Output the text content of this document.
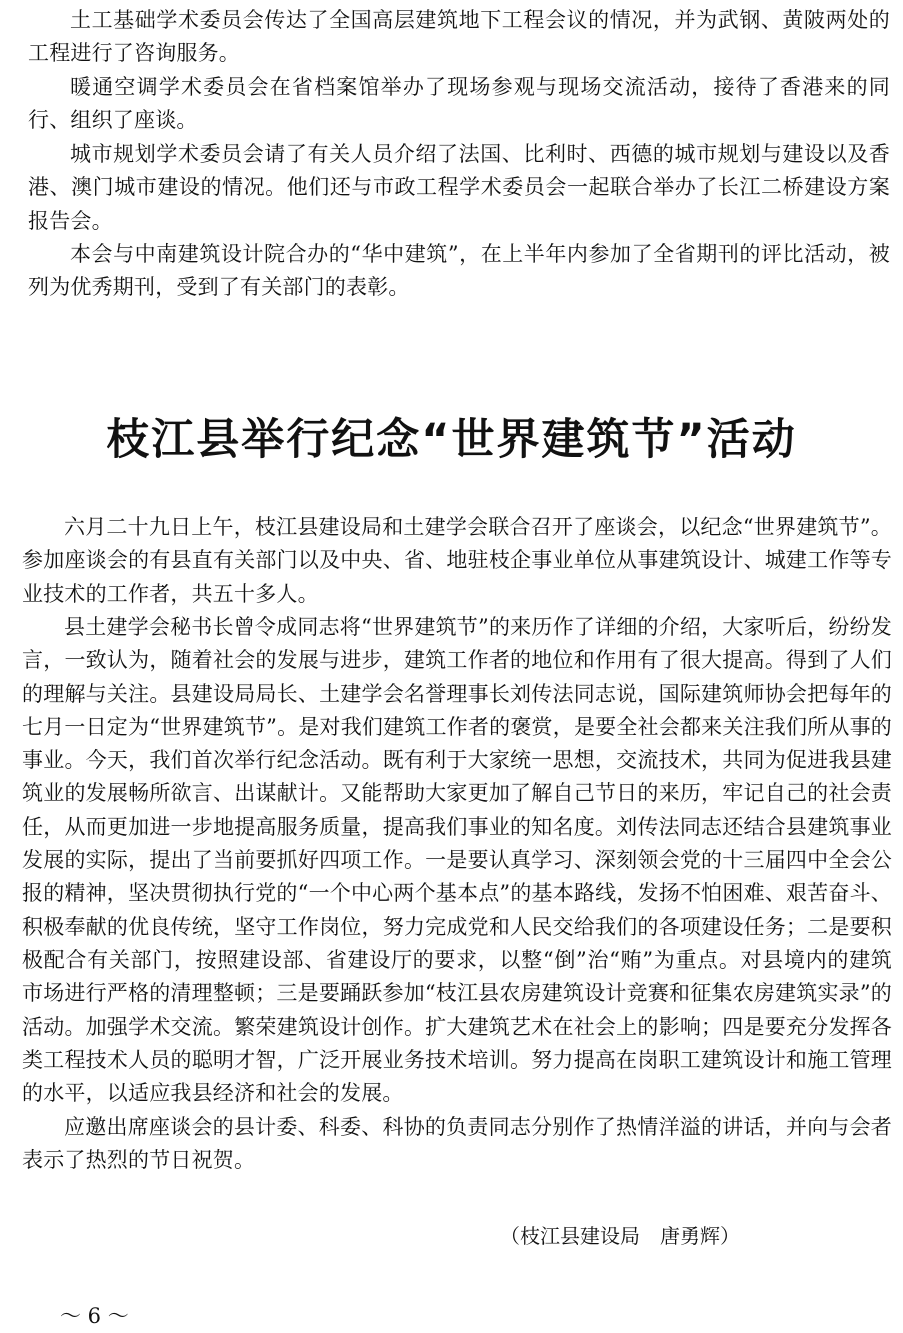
土工基础学术委员会传达了全国高层建筑地下工程会议的情况，并为武钢、黄陂两处的工程进行了咨询服务。

暖通空调学术委员会在省档案馆举办了现场参观与现场交流活动，接待了香港来的同行、组织了座谈。

城市规划学术委员会请了有关人员介绍了法国、比利时、西德的城市规划与建设以及香港、澳门城市建设的情况。他们还与市政工程学术委员会一起联合举办了长江二桥建设方案报告会。

本会与中南建筑设计院合办的“华中建筑”，在上半年内参加了全省期刊的评比活动，被列为优秀期刊，受到了有关部门的表彰。

枝江县举行纪念“世界建筑节”活动

六月二十九日上午，枝江县建设局和土建学会联合召开了座谈会，以纪念“世界建筑节”。参加座谈会的有县直有关部门以及中央、省、地驻枝企事业单位从事建筑设计、城建工作等专业技术的工作者，共五十多人。

县土建学会秘书长曾令成同志将“世界建筑节”的来历作了详细的介绍，大家听后，纷纷发言，一致认为，随着社会的发展与进步，建筑工作者的地位和作用有了很大提高。得到了人们的理解与关注。县建设局局长、土建学会名誉理事长刘传法同志说，国际建筑师协会把每年的七月一日定为“世界建筑节”。是对我们建筑工作者的褒赏，是要全社会都来关注我们所从事的事业。今天，我们首次举行纪念活动。既有利于大家统一思想，交流技术，共同为促进我县建筑业的发展畅所欲言、出谋献计。又能帮助大家更加了解自己节日的来历，牢记自己的社会责任，从而更加进一步地提高服务质量，提高我们事业的知名度。刘传法同志还结合县建筑事业发展的实际，提出了当前要抓好四项工作。一是要认真学习、深刻领会党的十三届四中全会公报的精神，坚决贯彻执行党的“一个中心两个基本点”的基本路线，发扬不怕困难、艰苦奋斗、积极奉献的优良传统，坚守工作岗位，努力完成党和人民交给我们的各项建设任务；二是要积极配合有关部门，按照建设部、省建设厅的要求，以整“倒”治“贿”为重点。对县境内的建筑市场进行严格的清理整顿；三是要踊跃参加“枝江县农房建筑设计竞赛和征集农房建筑实录”的活动。加强学术交流。繁荣建筑设计创作。扩大建筑艺术在社会上的影响；四是要充分发挥各类工程技术人员的聪明才智，广泛开展业务技术培训。努力提高在岗职工建筑设计和施工管理的水平，以适应我县经济和社会的发展。

应邀出席座谈会的县计委、科委、科协的负责同志分别作了热情洋溢的讲话，并向与会者表示了热烈的节日祝贺。

（枝江县建设局　唐勇辉）

～ 6 ～
